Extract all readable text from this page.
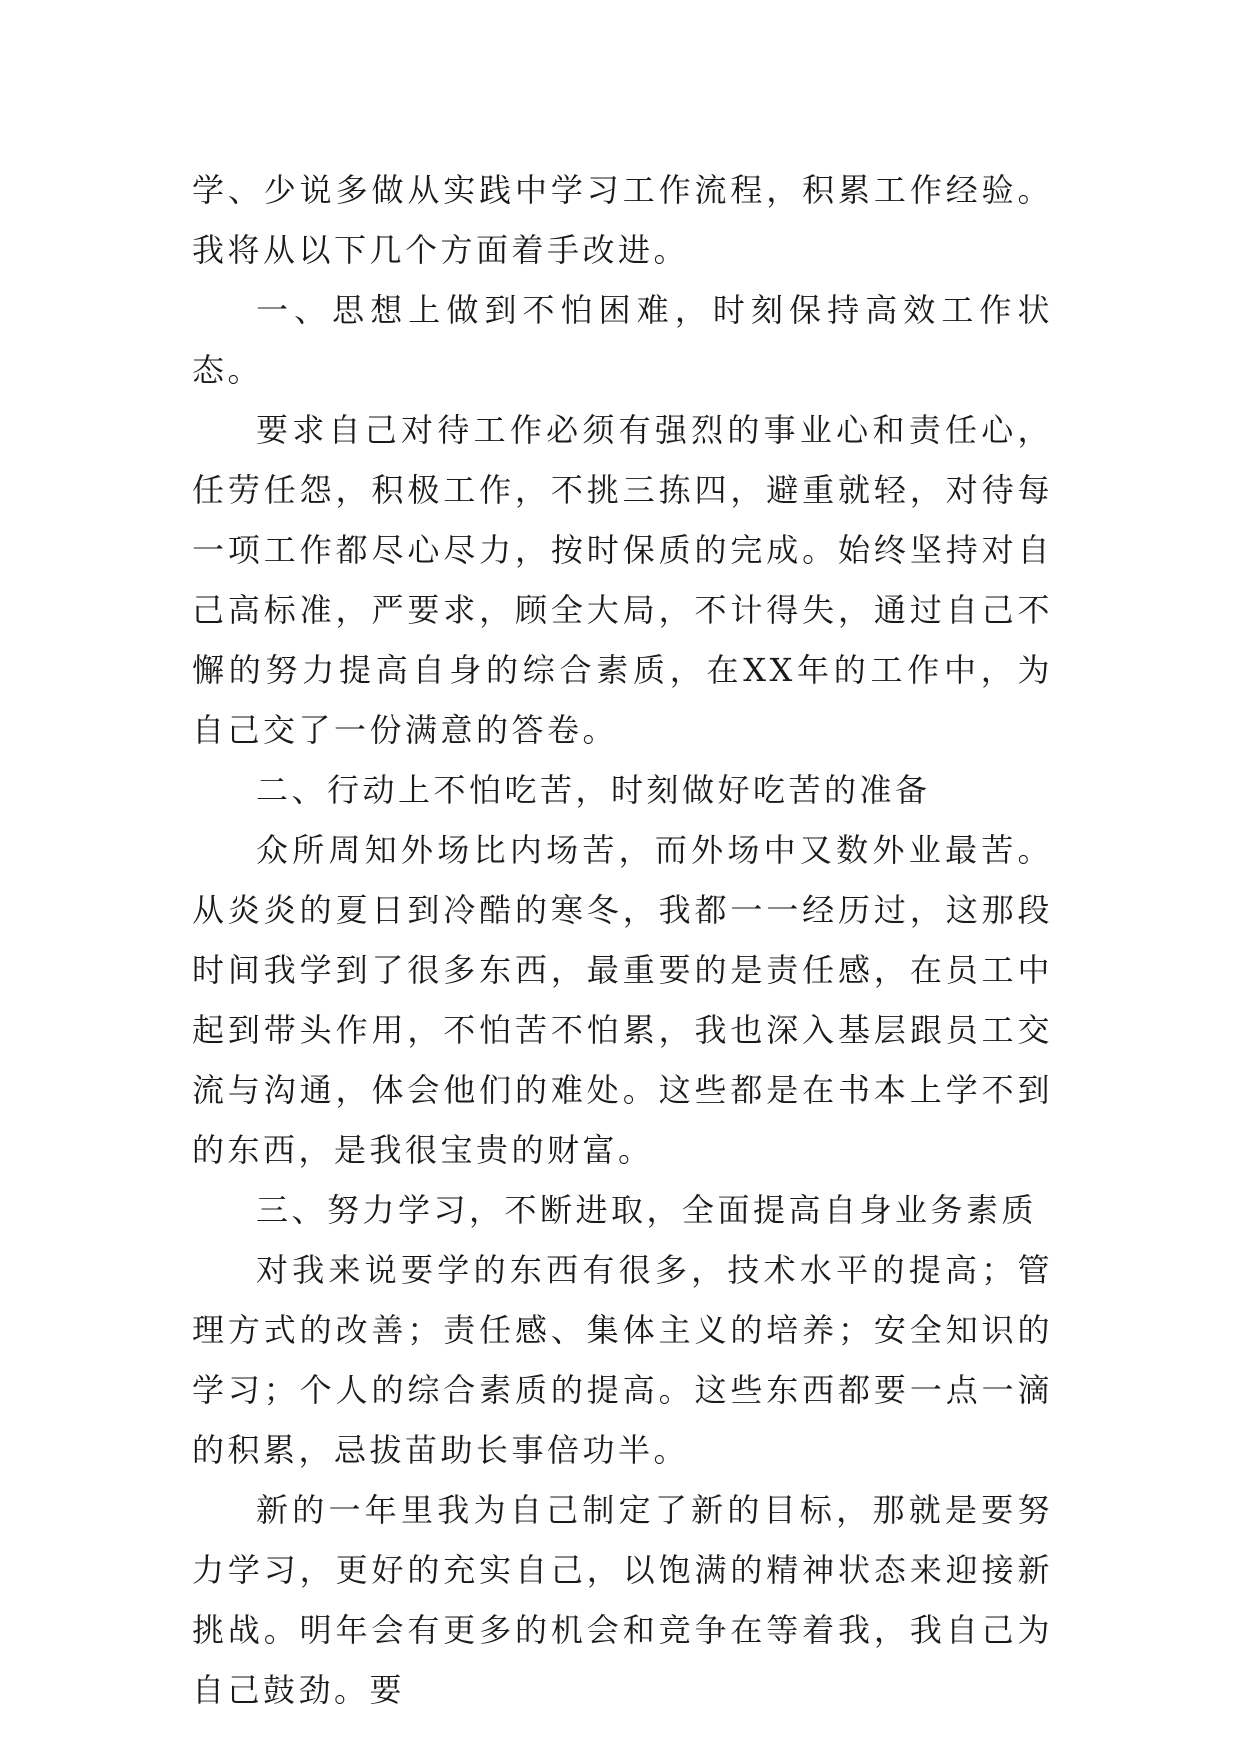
学、少说多做从实践中学习工作流程，积累工作经验。我将从以下几个方面着手改进。

一、思想上做到不怕困难，时刻保持高效工作状态。

要求自己对待工作必须有强烈的事业心和责任心，任劳任怨，积极工作，不挑三拣四，避重就轻，对待每一项工作都尽心尽力，按时保质的完成。始终坚持对自己高标准，严要求，顾全大局，不计得失，通过自己不懈的努力提高自身的综合素质，在XX年的工作中，为自己交了一份满意的答卷。

二、行动上不怕吃苦，时刻做好吃苦的准备

众所周知外场比内场苦，而外场中又数外业最苦。从炎炎的夏日到冷酷的寒冬，我都一一经历过，这那段时间我学到了很多东西，最重要的是责任感，在员工中起到带头作用，不怕苦不怕累，我也深入基层跟员工交流与沟通，体会他们的难处。这些都是在书本上学不到的东西，是我很宝贵的财富。

三、努力学习，不断进取，全面提高自身业务素质

对我来说要学的东西有很多，技术水平的提高；管理方式的改善；责任感、集体主义的培养；安全知识的学习；个人的综合素质的提高。这些东西都要一点一滴的积累，忌拔苗助长事倍功半。

新的一年里我为自己制定了新的目标，那就是要努力学习，更好的充实自己，以饱满的精神状态来迎接新挑战。明年会有更多的机会和竞争在等着我，我自己为自己鼓劲。要
